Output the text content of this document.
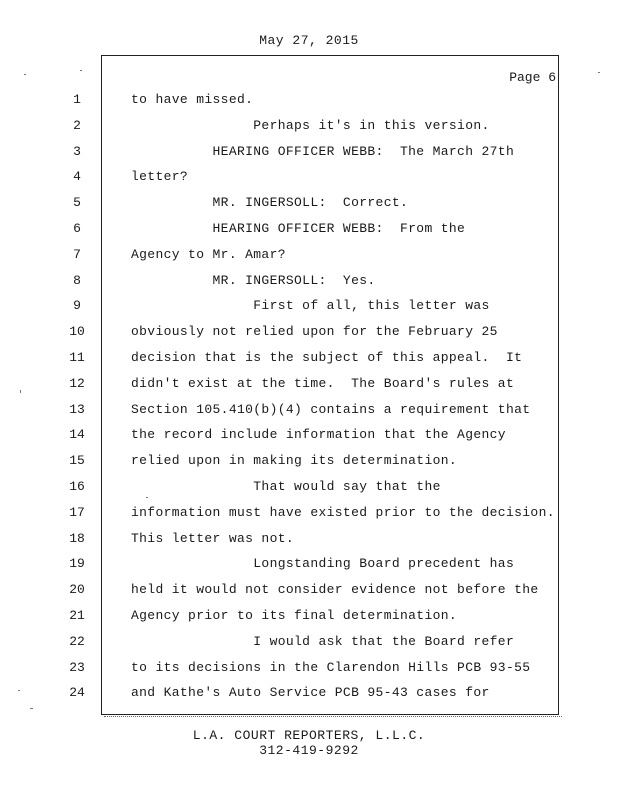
May 27, 2015
Page 6
1	to have missed.
2	Perhaps it's in this version.
3	HEARING OFFICER WEBB:  The March 27th
4	letter?
5	MR. INGERSOLL:  Correct.
6	HEARING OFFICER WEBB:  From the
7	Agency to Mr. Amar?
8	MR. INGERSOLL:  Yes.
9	First of all, this letter was
10	obviously not relied upon for the February 25
11	decision that is the subject of this appeal.  It
12	didn't exist at the time.  The Board's rules at
13	Section 105.410(b)(4) contains a requirement that
14	the record include information that the Agency
15	relied upon in making its determination.
16	That would say that the
17	information must have existed prior to the decision.
18	This letter was not.
19	Longstanding Board precedent has
20	held it would not consider evidence not before the
21	Agency prior to its final determination.
22	I would ask that the Board refer
23	to its decisions in the Clarendon Hills PCB 93-55
24	and Kathe's Auto Service PCB 95-43 cases for
L.A. COURT REPORTERS, L.L.C.
312-419-9292
